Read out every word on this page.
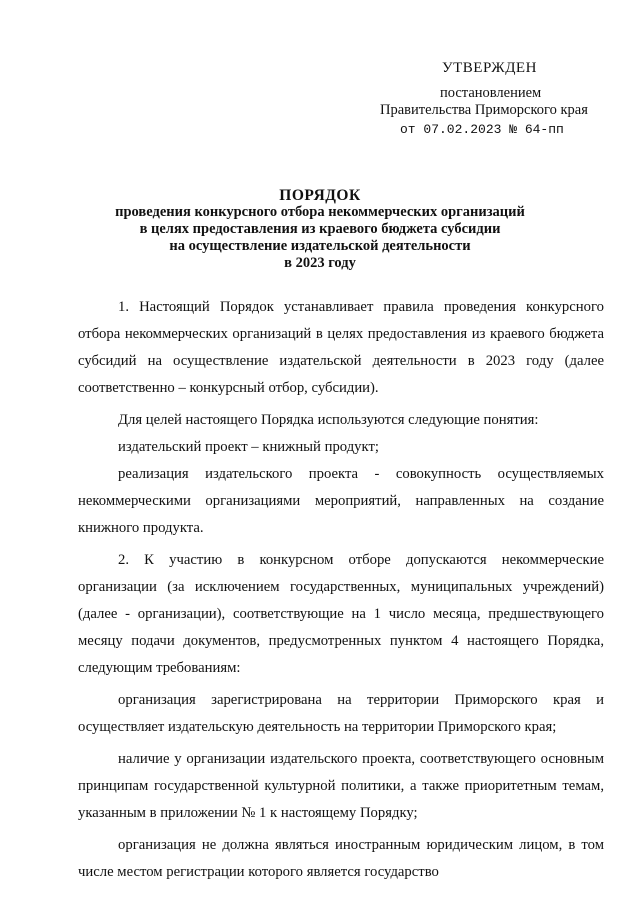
УТВЕРЖДЕН
постановлением
Правительства Приморского края
от 07.02.2023 № 64-пп
ПОРЯДОК
проведения конкурсного отбора некоммерческих организаций
в целях предоставления из краевого бюджета субсидии
на осуществление издательской деятельности
в 2023 году

1. Настоящий Порядок устанавливает правила проведения конкурсного отбора некоммерческих организаций в целях предоставления из краевого бюджета субсидий на осуществление издательской деятельности в 2023 году (далее соответственно – конкурсный отбор, субсидии).

Для целей настоящего Порядка используются следующие понятия:

издательский проект – книжный продукт;

реализация издательского проекта - совокупность осуществляемых некоммерческими организациями мероприятий, направленных на создание книжного продукта.

2. К участию в конкурсном отборе допускаются некоммерческие организации (за исключением государственных, муниципальных учреждений) (далее - организации), соответствующие на 1 число месяца, предшествующего месяцу подачи документов, предусмотренных пунктом 4 настоящего Порядка, следующим требованиям:

организация зарегистрирована на территории Приморского края и осуществляет издательскую деятельность на территории Приморского края;

наличие у организации издательского проекта, соответствующего основным принципам государственной культурной политики, а также приоритетным темам, указанным в приложении № 1 к настоящему Порядку;

организация не должна являться иностранным юридическим лицом, в том числе местом регистрации которого является государство
